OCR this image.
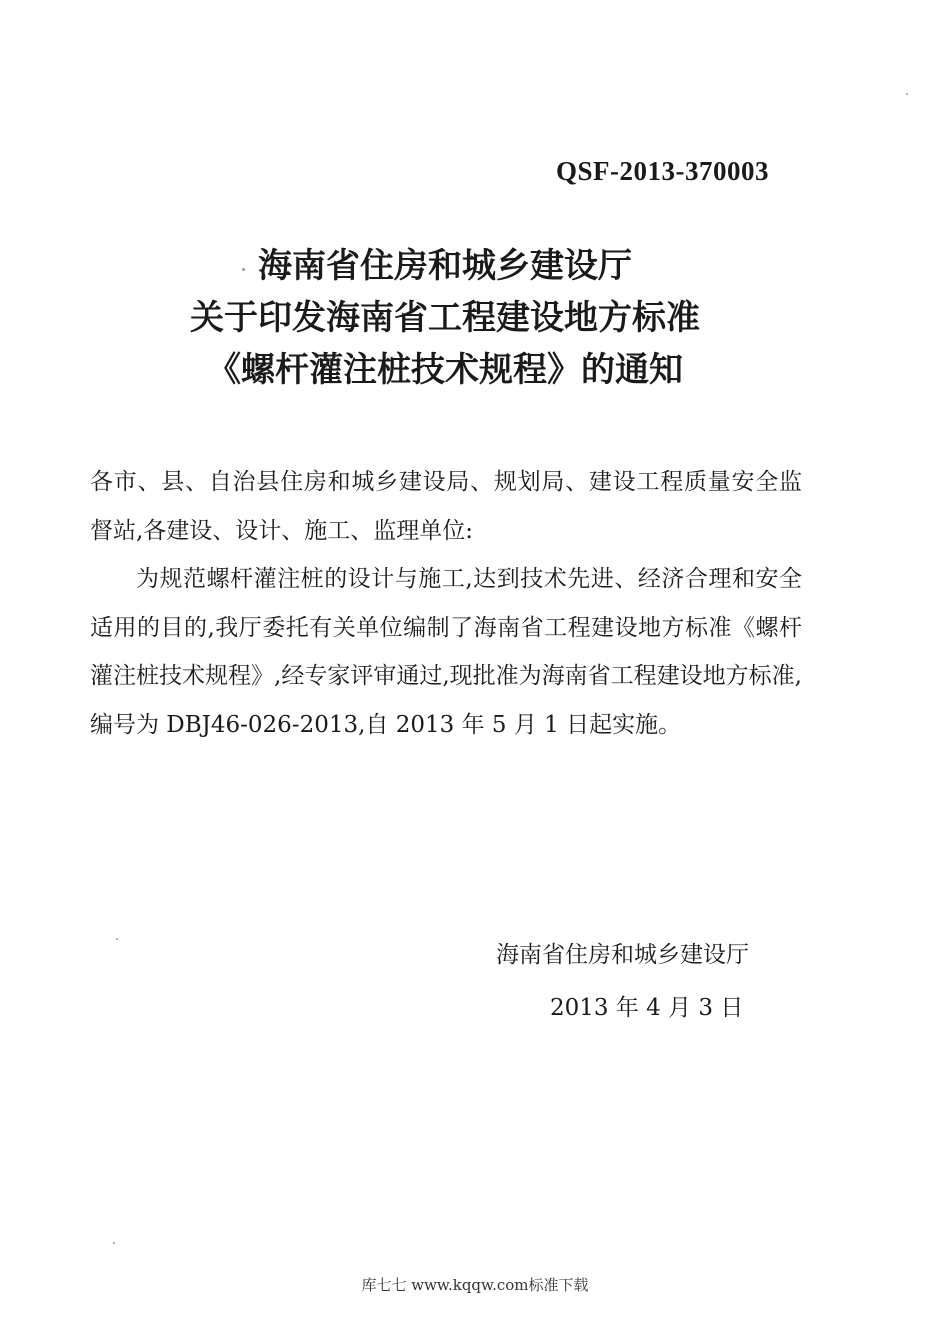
QSF-2013-370003
海南省住房和城乡建设厅
关于印发海南省工程建设地方标准
《螺杆灌注桩技术规程》的通知

各市、县、自治县住房和城乡建设局、规划局、建设工程质量安全监督站,各建设、设计、施工、监理单位:

为规范螺杆灌注桩的设计与施工,达到技术先进、经济合理和安全适用的目的,我厅委托有关单位编制了海南省工程建设地方标准《螺杆灌注桩技术规程》,经专家评审通过,现批准为海南省工程建设地方标准,编号为 DBJ46-026-2013,自 2013 年 5 月 1 日起实施。

海南省住房和城乡建设厅
2013 年 4 月 3 日
库七七 www.kqqw.com标准下载
